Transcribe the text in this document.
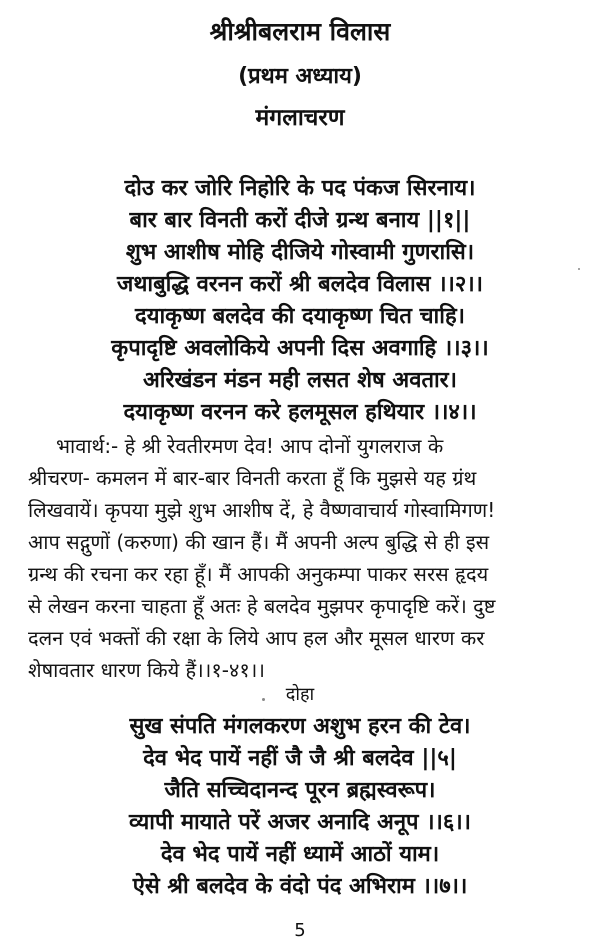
श्रीश्रीबलराम विलास
(प्रथम अध्याय)
मंगलाचरण
दोउ कर जोरि निहोरि के पद पंकज सिरनाय।
बार बार विनती करों दीजे ग्रन्थ बनाय ||१||
शुभ आशीष मोहि दीजिये गोस्वामी गुणरासि।
जथाबुद्धि वरनन करों श्री बलदेव विलास ।।२।।
दयाकृष्ण बलदेव की दयाकृष्ण चित चाहि।
कृपादृष्टि अवलोकिये अपनी दिस अवगाहि ।।३।।
अरिखंडन मंडन मही लसत शेष अवतार।
दयाकृष्ण वरनन करे हलमूसल हथियार ।।४।।
भावार्थ:- हे श्री रेवतीरमण देव! आप दोनों युगलराज के
श्रीचरण- कमलन में बार-बार विनती करता हूँ कि मुझसे यह ग्रंथ
लिखवायें। कृपया मुझे शुभ आशीष दें, हे वैष्णवाचार्य गोस्वामिगण!
आप सद्गुणों (करुणा) की खान हैं। मैं अपनी अल्प बुद्धि से ही इस
ग्रन्थ की रचना कर रहा हूँ। मैं आपकी अनुकम्पा पाकर सरस हृदय
से लेखन करना चाहता हूँ अतः हे बलदेव मुझपर कृपादृष्टि करें। दुष्ट
दलन एवं भक्तों की रक्षा के लिये आप हल और मूसल धारण कर
शेषावतार धारण किये हैं।।१-४१।।
दोहा
सुख संपति मंगलकरण अशुभ हरन की टेव।
देव भेद पायें नहीं जै जै श्री बलदेव ||५|
जैति सच्चिदानन्द पूरन ब्रह्मस्वरूप।
व्यापी मायाते परें अजर अनादि अनूप ।।६।।
देव भेद पायें नहीं ध्यामें आठों याम।
ऐसे श्री बलदेव के वंदो पंद अभिराम ।।७।।
5
